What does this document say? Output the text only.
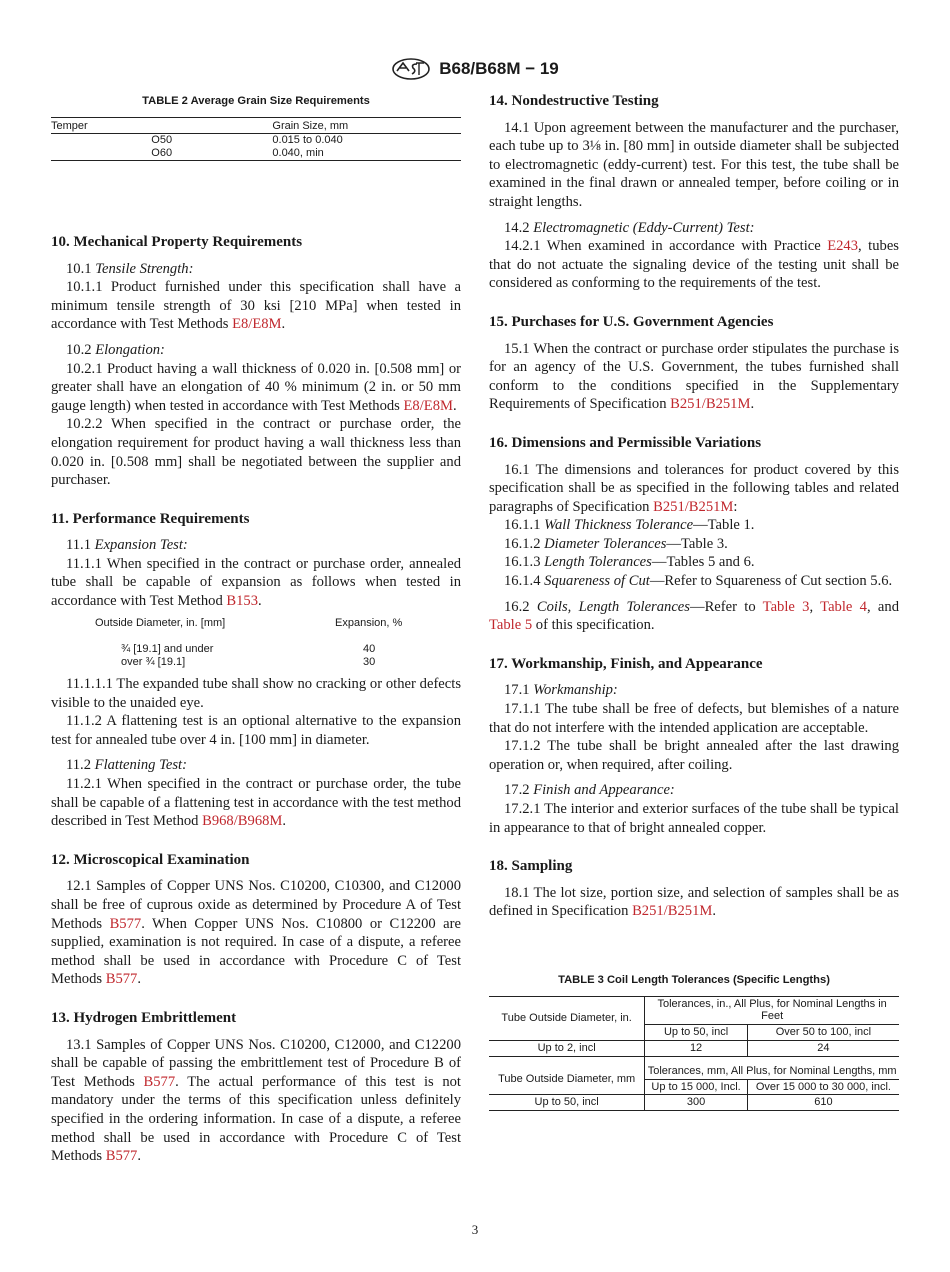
B68/B68M − 19
TABLE 2 Average Grain Size Requirements
Temper	Grain Size, mm
O50	0.015 to 0.040
O60	0.040, min
10. Mechanical Property Requirements

10.1 Tensile Strength:

10.1.1 Product furnished under this specification shall have a minimum tensile strength of 30 ksi [210 MPa] when tested in accordance with Test Methods E8/E8M.

10.2 Elongation:

10.2.1 Product having a wall thickness of 0.020 in. [0.508 mm] or greater shall have an elongation of 40 % minimum (2 in. or 50 mm gauge length) when tested in accordance with Test Methods E8/E8M.

10.2.2 When specified in the contract or purchase order, the elongation requirement for product having a wall thickness less than 0.020 in. [0.508 mm] shall be negotiated between the supplier and purchaser.

11. Performance Requirements

11.1 Expansion Test:

11.1.1 When specified in the contract or purchase order, annealed tube shall be capable of expansion as follows when tested in accordance with Test Method B153.

Outside Diameter, in. [mm]	Expansion, %
¾ [19.1] and under	40
over ¾ [19.1]	30

11.1.1.1 The expanded tube shall show no cracking or other defects visible to the unaided eye.

11.1.2 A flattening test is an optional alternative to the expansion test for annealed tube over 4 in. [100 mm] in diameter.

11.2 Flattening Test:

11.2.1 When specified in the contract or purchase order, the tube shall be capable of a flattening test in accordance with the test method described in Test Method B968/B968M.

12. Microscopical Examination

12.1 Samples of Copper UNS Nos. C10200, C10300, and C12000 shall be free of cuprous oxide as determined by Procedure A of Test Methods B577. When Copper UNS Nos. C10800 or C12200 are supplied, examination is not required. In case of a dispute, a referee method shall be used in accordance with Procedure C of Test Methods B577.

13. Hydrogen Embrittlement

13.1 Samples of Copper UNS Nos. C10200, C12000, and C12200 shall be capable of passing the embrittlement test of Procedure B of Test Methods B577. The actual performance of this test is not mandatory under the terms of this specification unless definitely specified in the ordering information. In case of a dispute, a referee method shall be used in accordance with Procedure C of Test Methods B577.

14. Nondestructive Testing

14.1 Upon agreement between the manufacturer and the purchaser, each tube up to 3⅛ in. [80 mm] in outside diameter shall be subjected to electromagnetic (eddy-current) test. For this test, the tube shall be examined in the final drawn or annealed temper, before coiling or in straight lengths.

14.2 Electromagnetic (Eddy-Current) Test:

14.2.1 When examined in accordance with Practice E243, tubes that do not actuate the signaling device of the testing unit shall be considered as conforming to the requirements of the test.

15. Purchases for U.S. Government Agencies

15.1 When the contract or purchase order stipulates the purchase is for an agency of the U.S. Government, the tubes furnished shall conform to the conditions specified in the Supplementary Requirements of Specification B251/B251M.

16. Dimensions and Permissible Variations

16.1 The dimensions and tolerances for product covered by this specification shall be as specified in the following tables and related paragraphs of Specification B251/B251M:

16.1.1 Wall Thickness Tolerance—Table 1.

16.1.2 Diameter Tolerances—Table 3.

16.1.3 Length Tolerances—Tables 5 and 6.

16.1.4 Squareness of Cut—Refer to Squareness of Cut section 5.6.

16.2 Coils, Length Tolerances—Refer to Table 3, Table 4, and Table 5 of this specification.

17. Workmanship, Finish, and Appearance

17.1 Workmanship:

17.1.1 The tube shall be free of defects, but blemishes of a nature that do not interfere with the intended application are acceptable.

17.1.2 The tube shall be bright annealed after the last drawing operation or, when required, after coiling.

17.2 Finish and Appearance:

17.2.1 The interior and exterior surfaces of the tube shall be typical in appearance to that of bright annealed copper.

18. Sampling

18.1 The lot size, portion size, and selection of samples shall be as defined in Specification B251/B251M.

TABLE 3 Coil Length Tolerances (Specific Lengths)
Tube Outside Diameter, in.	Tolerances, in., All Plus, for Nominal Lengths in Feet	
	Up to 50, incl	Over 50 to 100, incl
Up to 2, incl	12	24
Tube Outside Diameter, mm	Tolerances, mm, All Plus, for Nominal Lengths, mm	
	Up to 15 000, Incl.	Over 15 000 to 30 000, incl.
Up to 50, incl	300	610
3
